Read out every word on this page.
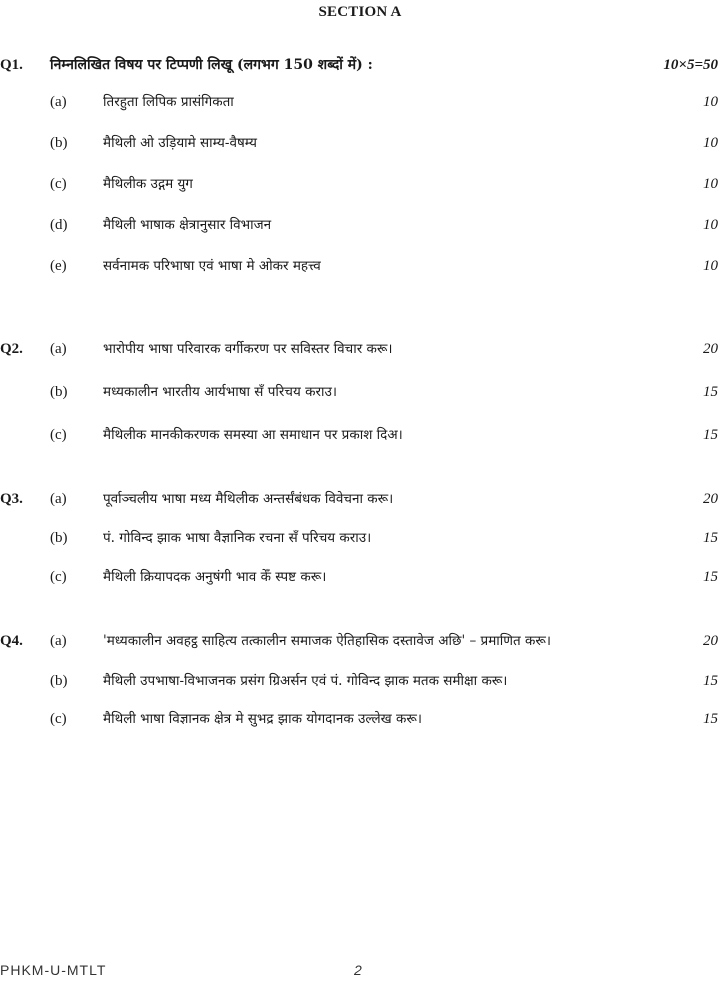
SECTION A
Q1. निम्नलिखित विषय पर टिप्पणी लिखू (लगभग 150 शब्दों में) :	10×5=50
(a)	तिरहुता लिपिक प्रासंगिकता	10
(b)	मैथिली ओ उड़ियामे साम्य-वैषम्य	10
(c)	मैथिलीक उद्गम युग	10
(d)	मैथिली भाषाक क्षेत्रानुसार विभाजन	10
(e)	सर्वनामक परिभाषा एवं भाषा मे ओकर महत्त्व	10
Q2. (a)	भारोपीय भाषा परिवारक वर्गीकरण पर सविस्तर विचार करू।	20
(b)	मध्यकालीन भारतीय आर्यभाषा सँ परिचय कराउ।	15
(c)	मैथिलीक मानकीकरणक समस्या आ समाधान पर प्रकाश दिअ।	15
Q3. (a)	पूर्वाञ्चलीय भाषा मध्य मैथिलीक अन्तर्संबंधक विवेचना करू।	20
(b)	पं. गोविन्द झाक भाषा वैज्ञानिक रचना सँ परिचय कराउ।	15
(c)	मैथिली क्रियापदक अनुषंगी भाव केँ स्पष्ट करू।	15
Q4. (a)	'मध्यकालीन अवहट्ठ साहित्य तत्कालीन समाजक ऐतिहासिक दस्तावेज अछि' – प्रमाणित करू।	20
(b)	मैथिली उपभाषा-विभाजनक प्रसंग ग्रिअर्सन एवं पं. गोविन्द झाक मतक समीक्षा करू।	15
(c)	मैथिली भाषा विज्ञानक क्षेत्र मे सुभद्र झाक योगदानक उल्लेख करू।	15
PHKM-U-MTLT	2
